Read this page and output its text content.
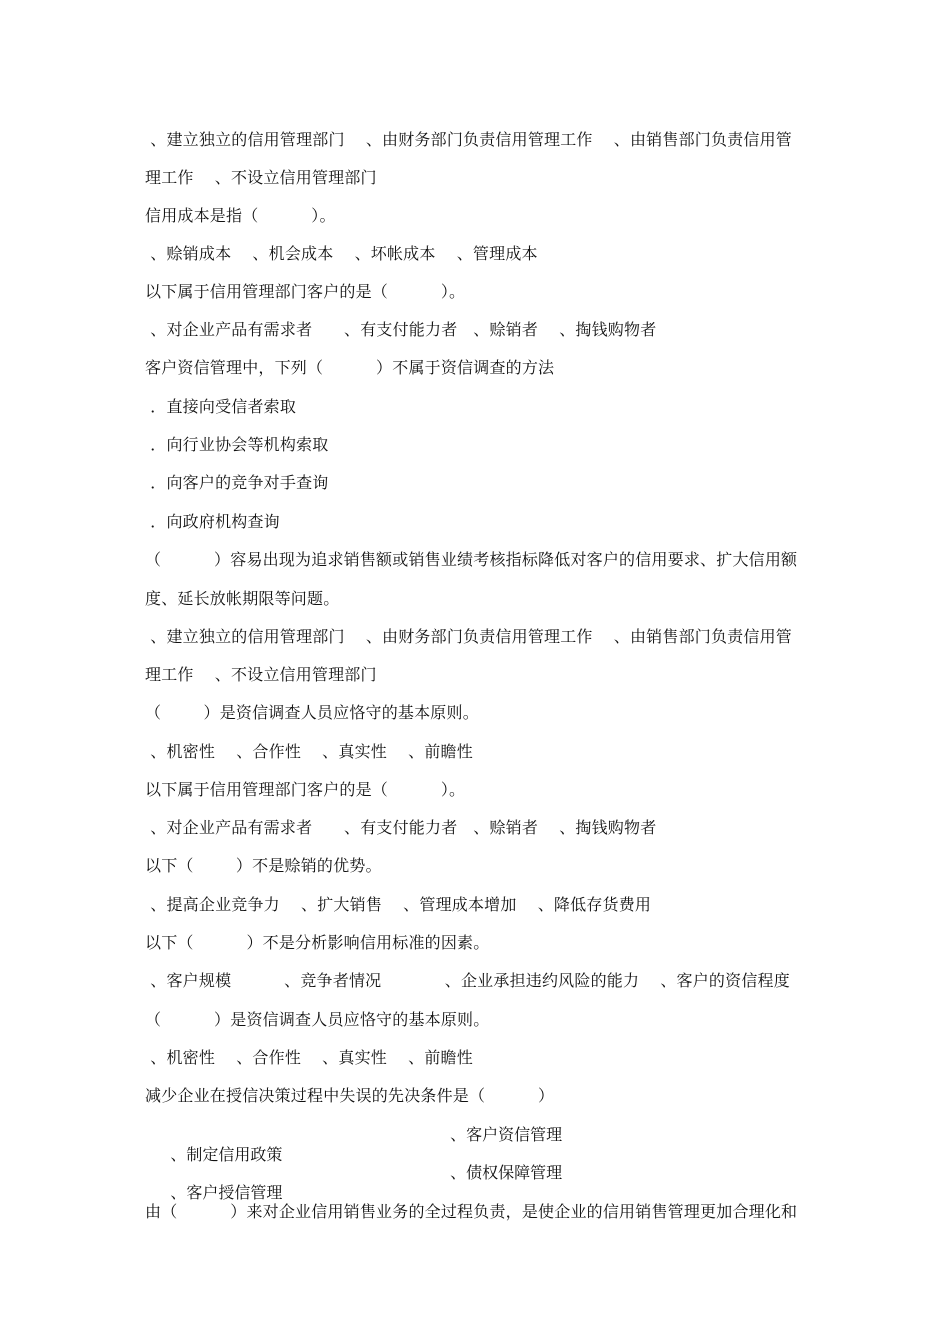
、建立独立的信用管理部门    、由财务部门负责信用管理工作    、由销售部门负责信用管
理工作    、不设立信用管理部门
信用成本是指（          ）。
、赊销成本    、机会成本    、坏帐成本    、管理成本
以下属于信用管理部门客户的是（          ）。
、对企业产品有需求者      、有支付能力者   、赊销者    、掏钱购物者
客户资信管理中，下列（          ）不属于资信调查的方法
．直接向受信者索取
．向行业协会等机构索取
．向客户的竞争对手查询
．向政府机构查询
（          ）容易出现为追求销售额或销售业绩考核指标降低对客户的信用要求、扩大信用额
度、延长放帐期限等问题。
、建立独立的信用管理部门    、由财务部门负责信用管理工作    、由销售部门负责信用管
理工作    、不设立信用管理部门
（        ）是资信调查人员应恪守的基本原则。
、机密性    、合作性    、真实性    、前瞻性
以下属于信用管理部门客户的是（          ）。
、对企业产品有需求者      、有支付能力者   、赊销者    、掏钱购物者
以下（        ）不是赊销的优势。
、提高企业竞争力    、扩大销售    、管理成本增加    、降低存货费用
以下（          ）不是分析影响信用标准的因素。
、客户规模          、竞争者情况            、企业承担违约风险的能力    、客户的资信程度
（          ）是资信调查人员应恪守的基本原则。
、机密性    、合作性    、真实性    、前瞻性
减少企业在授信决策过程中失误的先决条件是（          ）

、制定信用政策

、客户资信管理

、客户授信管理

、债权保障管理

由（          ）来对企业信用销售业务的全过程负责，是使企业的信用销售管理更加合理化和
